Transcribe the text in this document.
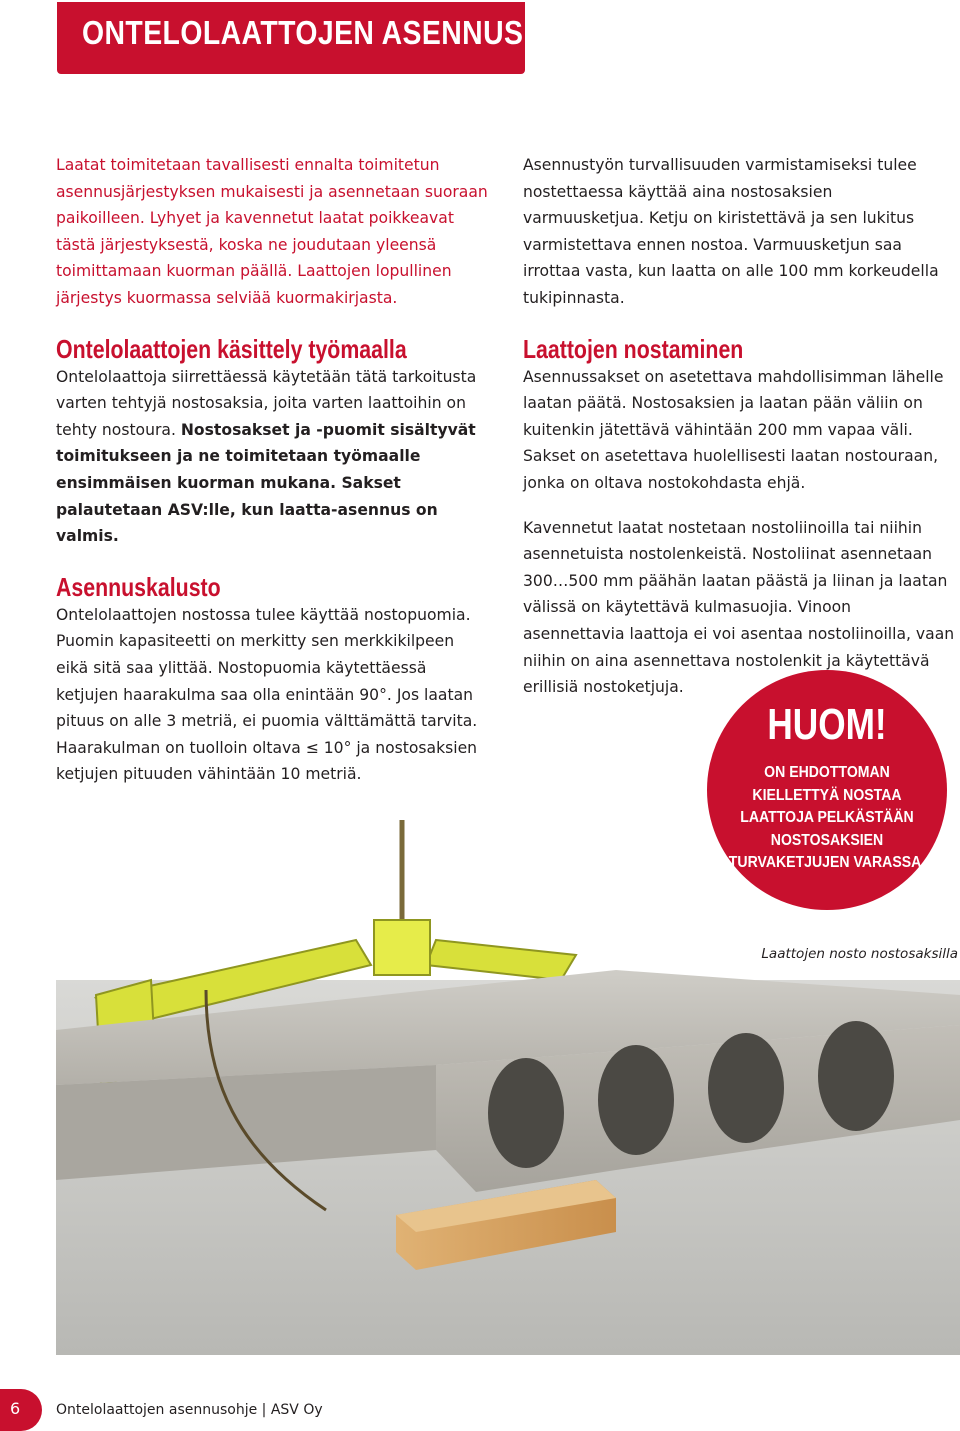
ONTELOLAATTOJEN ASENNUS

Laatat toimitetaan tavallisesti ennalta toimitetun asennusjärjestyksen mukaisesti ja asennetaan suoraan paikoilleen. Lyhyet ja kavennetut laatat poikkeavat tästä järjestyksestä, koska ne joudutaan yleensä toimittamaan kuorman päällä. Laattojen lopullinen järjestys kuormassa selviää kuormakirjasta.

Ontelolaattojen käsittely työmaalla

Ontelolaattoja siirrettäessä käytetään tätä tarkoitusta varten tehtyjä nostosaksia, joita varten laattoihin on tehty nostoura. Nostosakset ja -puomit sisältyvät toimitukseen ja ne toimitetaan työmaalle ensimmäisen kuorman mukana. Sakset palautetaan ASV:lle, kun laatta-asennus on valmis.

Asennuskalusto

Ontelolaattojen nostossa tulee käyttää nostopuomia. Puomin kapasiteetti on merkitty sen merkkikilpeen eikä sitä saa ylittää. Nostopuomia käytettäessä ketjujen haarakulma saa olla enintään 90°. Jos laatan pituus on alle 3 metriä, ei puomia välttämättä tarvita. Haarakulman on tuolloin oltava ≤ 10° ja nostosaksien ketjujen pituuden vähintään 10 metriä.

Asennustyön turvallisuuden varmistamiseksi tulee nostettaessa käyttää aina nostosaksien varmuusketjua. Ketju on kiristettävä ja sen lukitus varmistettava ennen nostoa. Varmuusketjun saa irrottaa vasta, kun laatta on alle 100 mm korkeudella tukipinnasta.

Laattojen nostaminen

Asennussakset on asetettava mahdollisimman lähelle laatan päätä. Nostosaksien ja laatan pään väliin on kuitenkin jätettävä vähintään 200 mm vapaa väli. Sakset on asetettava huolellisesti laatan nostouraan, jonka on oltava nostokohdasta ehjä.

Kavennetut laatat nostetaan nostoliinoilla tai niihin asennetuista nostolenkeistä. Nostoliinat asennetaan 300…500 mm päähän laatan päästä ja liinan ja laatan välissä on käytettävä kulmasuojia. Vinoon asennettavia laattoja ei voi asentaa nostoliinoilla, vaan niihin on aina asennettava nostolenkit ja käytettävä erillisiä nostoketjuja.

HUOM!
ON EHDOTTOMAN KIELLETTYÄ NOSTAA LAATTOJA PELKÄSTÄÄN NOSTOSAKSIEN TURVAKETJUJEN VARASSA.
Laattojen nosto nostosaksilla
6	Ontelolaattojen asennusohje | ASV Oy
